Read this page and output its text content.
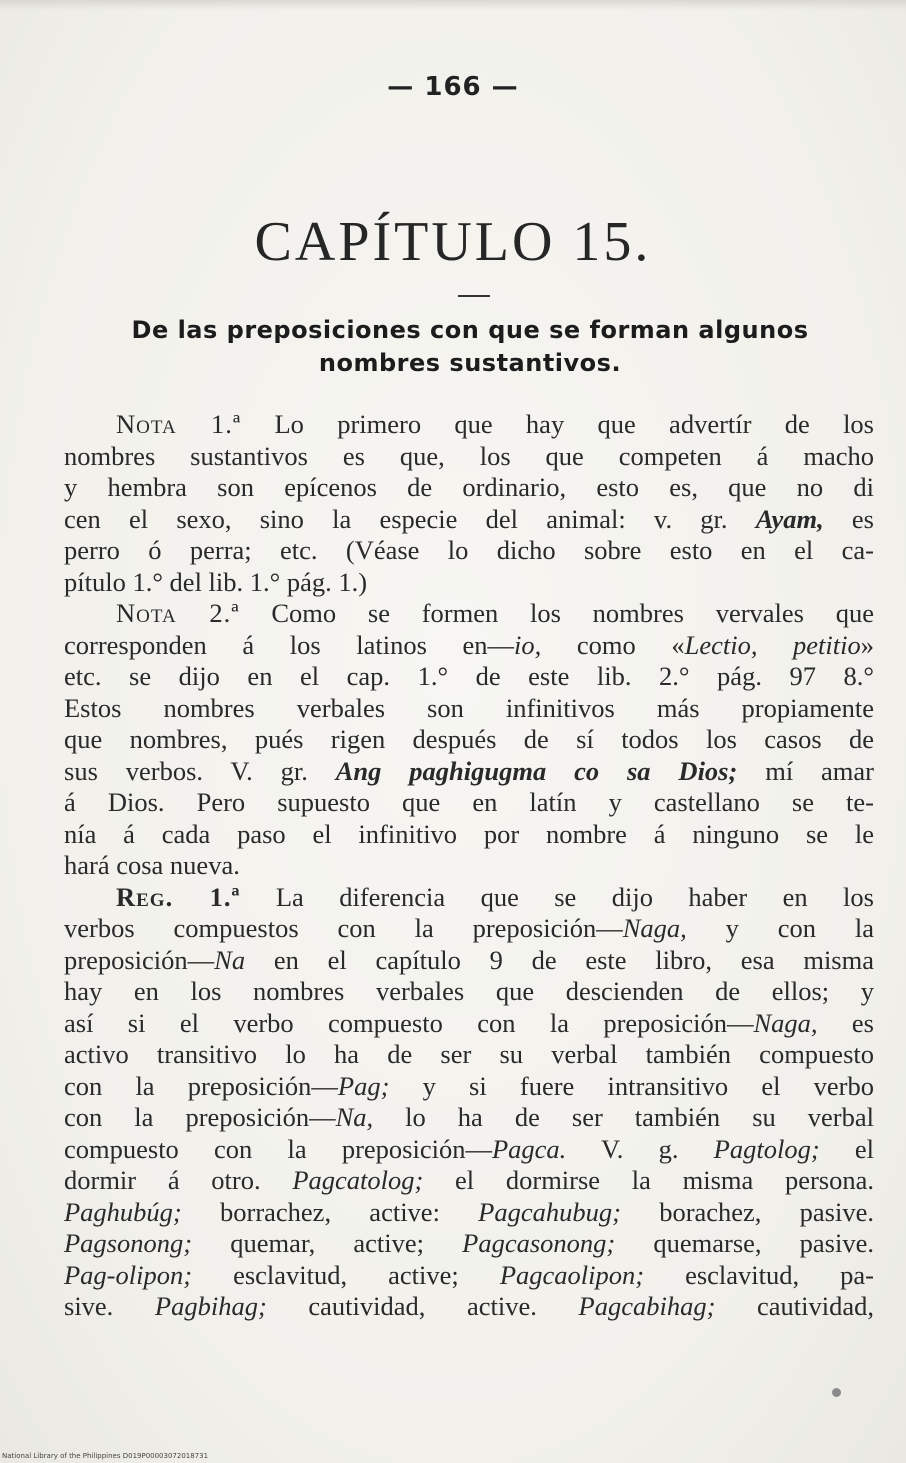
— 166 —
CAPÍTULO 15.
De las preposiciones con que se forman algunos
nombres sustantivos.
Nota 1.ª Lo primero que hay que advertír de los
nombres sustantivos es que, los que competen á macho
y hembra son epícenos de ordinario, esto es, que no di
cen el sexo, sino la especie del animal: v. gr. Ayam, es
perro ó perra; etc. (Véase lo dicho sobre esto en el ca-
pítulo 1.° del lib. 1.° pág. 1.)
Nota 2.ª Como se formen los nombres vervales que
corresponden á los latinos en—io, como «Lectio, petitio»
etc. se dijo en el cap. 1.° de este lib. 2.° pág. 97 8.°
Estos nombres verbales son infinitivos más propiamente
que nombres, pués rigen después de sí todos los casos de
sus verbos. V. gr. Ang paghigugma co sa Dios; mí amar
á Dios. Pero supuesto que en latín y castellano se te-
nía á cada paso el infinitivo por nombre á ninguno se le
hará cosa nueva.
Reg. 1.ª La diferencia que se dijo haber en los
verbos compuestos con la preposición—Naga, y con la
preposición—Na en el capítulo 9 de este libro, esa misma
hay en los nombres verbales que descienden de ellos; y
así si el verbo compuesto con la preposición—Naga, es
activo transitivo lo ha de ser su verbal también compuesto
con la preposición—Pag; y si fuere intransitivo el verbo
con la preposición—Na, lo ha de ser también su verbal
compuesto con la preposición—Pagca. V. g. Pagtolog; el
dormir á otro. Pagcatolog; el dormirse la misma persona.
Paghubúg; borrachez, active: Pagcahubug; borachez, pasive.
Pagsonong; quemar, active; Pagcasonong; quemarse, pasive.
Pag-olipon; esclavitud, active; Pagcaolipon; esclavitud, pa-
sive. Pagbihag; cautividad, active. Pagcabihag; cautividad,
National Library of the Philippines D019P00003072018731
